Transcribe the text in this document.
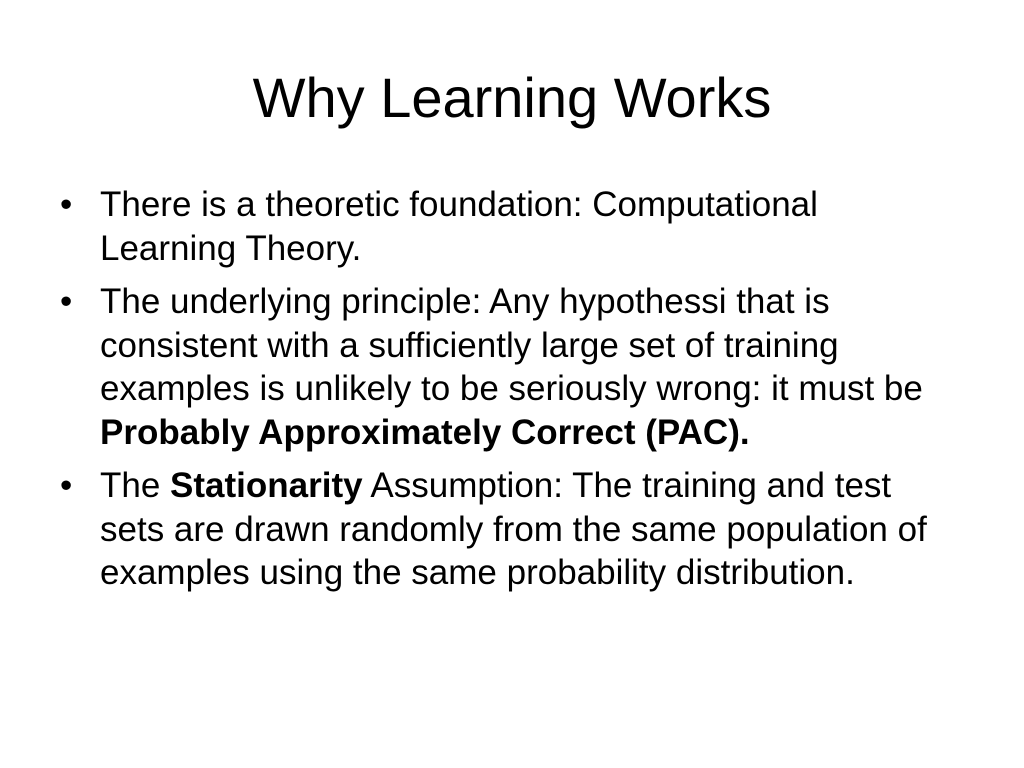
Why Learning Works
• There is a theoretic foundation: Computational Learning Theory.
• The underlying principle: Any hypothessi that is consistent with a sufficiently large set of training examples is unlikely to be seriously wrong: it must be Probably Approximately Correct (PAC).
• The Stationarity Assumption: The training and test sets are drawn randomly from the same population of examples using the same probability distribution.
